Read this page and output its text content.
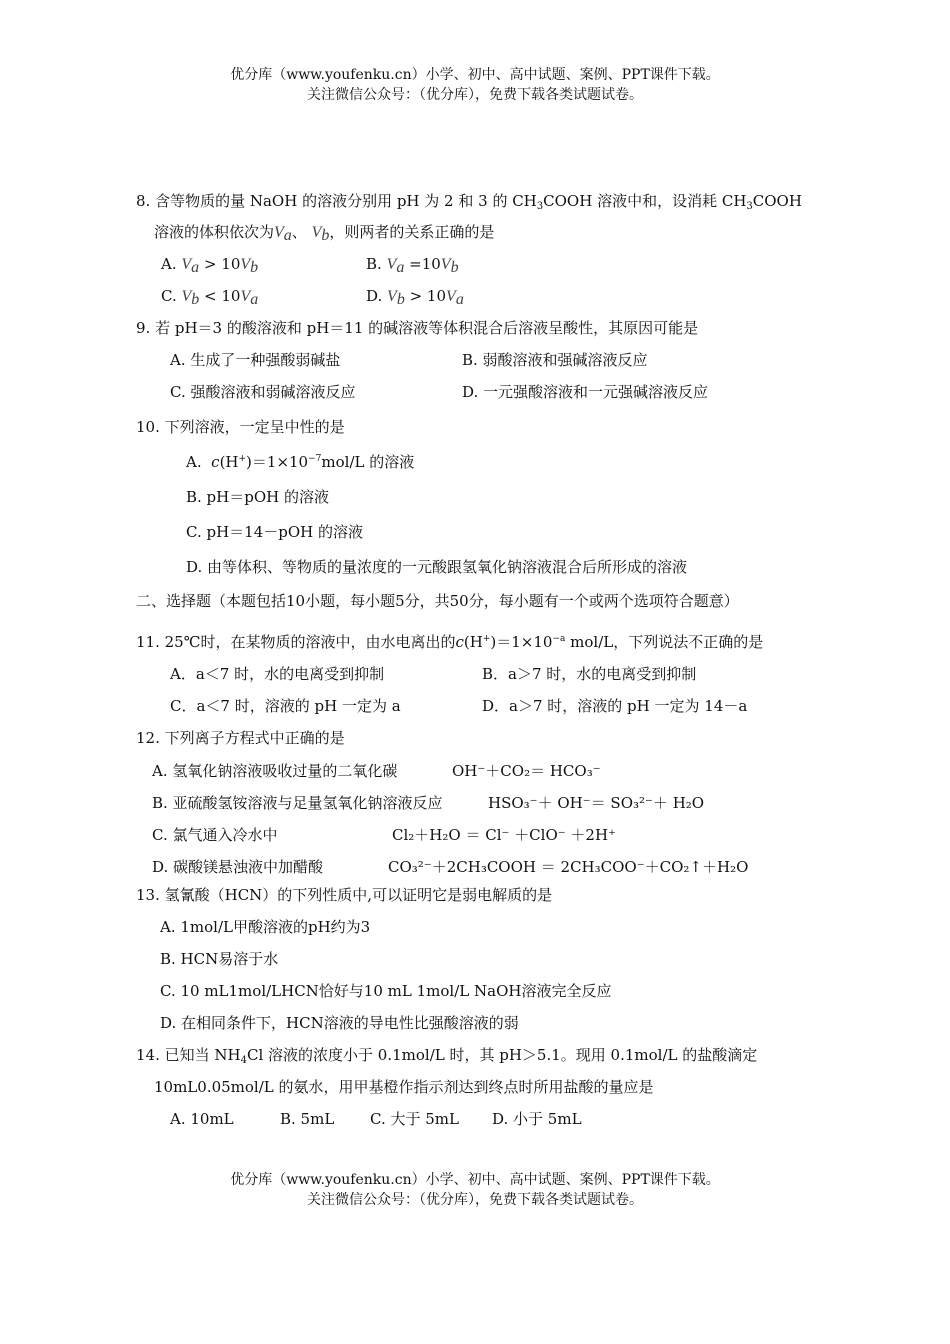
优分库（www.youfenku.cn）小学、初中、高中试题、案例、PPT课件下载。
关注微信公众号：（优分库），免费下载各类试题试卷。
8. 含等物质的量 NaOH 的溶液分别用 pH 为 2 和 3 的 $CH_3COOH$ 溶液中和，设消耗 $CH_3COOH$
溶液的体积依次为$V_a$、 $V_b$，则两者的关系正确的是
A. $V_a > 10V_b$	B. $V_a =10V_b$
C. $V_b < 10V_a$	D. $V_b > 10V_a$
9. 若 pH＝3 的酸溶液和 pH＝11 的碱溶液等体积混合后溶液呈酸性，其原因可能是
A. 生成了一种强酸弱碱盐	B. 弱酸溶液和强碱溶液反应
C. 强酸溶液和弱碱溶液反应	D. 一元强酸溶液和一元强碱溶液反应
10. 下列溶液，一定呈中性的是
A. $c(H^+)=1\times 10^{-7}mol/L$ 的溶液
B. pH＝pOH 的溶液
C. pH＝14－pOH 的溶液
D. 由等体积、等物质的量浓度的一元酸跟氢氧化钠溶液混合后所形成的溶液
二、选择题（本题包括10小题，每小题5分，共50分，每小题有一个或两个选项符合题意）
11. 25℃时，在某物质的溶液中，由水电离出的$c(H^+)=1\times 10^{-a}$ mol/L，下列说法不正确的是
A．a＜7 时，水的电离受到抑制	B．a＞7 时，水的电离受到抑制
C．a＜7 时，溶液的 pH 一定为 a	D．a＞7 时，溶液的 pH 一定为 14－a
12. 下列离子方程式中正确的是
A. 氢氧化钠溶液吸收过量的二氧化碳	OH⁻＋CO₂＝ HCO₃⁻
B. 亚硫酸氢铵溶液与足量氢氧化钠溶液反应	HSO₃⁻＋ OH⁻＝ SO₃²⁻＋ H₂O
C. 氯气通入冷水中	Cl₂＋H₂O ＝ Cl⁻ ＋ClO⁻ ＋2H⁺
D. 碳酸镁悬浊液中加醋酸	CO₃²⁻＋2CH₃COOH ＝ 2CH₃COO⁻＋CO₂↑＋H₂O
13. 氢氰酸（HCN）的下列性质中,可以证明它是弱电解质的是
A. 1mol/L甲酸溶液的pH约为3
B. HCN易溶于水
C. 10 mL1mol/LHCN恰好与10 mL 1mol/L NaOH溶液完全反应
D. 在相同条件下，HCN溶液的导电性比强酸溶液的弱
14. 已知当 $NH_4Cl$ 溶液的浓度小于 0.1mol/L 时，其 pH＞5.1。现用 0.1mol/L 的盐酸滴定
10mL0.05mol/L 的氨水，用甲基橙作指示剂达到终点时所用盐酸的量应是
A. 10mL	B. 5mL C. 大于 5mL D. 小于 5mL
优分库（www.youfenku.cn）小学、初中、高中试题、案例、PPT课件下载。
关注微信公众号：（优分库），免费下载各类试题试卷。
